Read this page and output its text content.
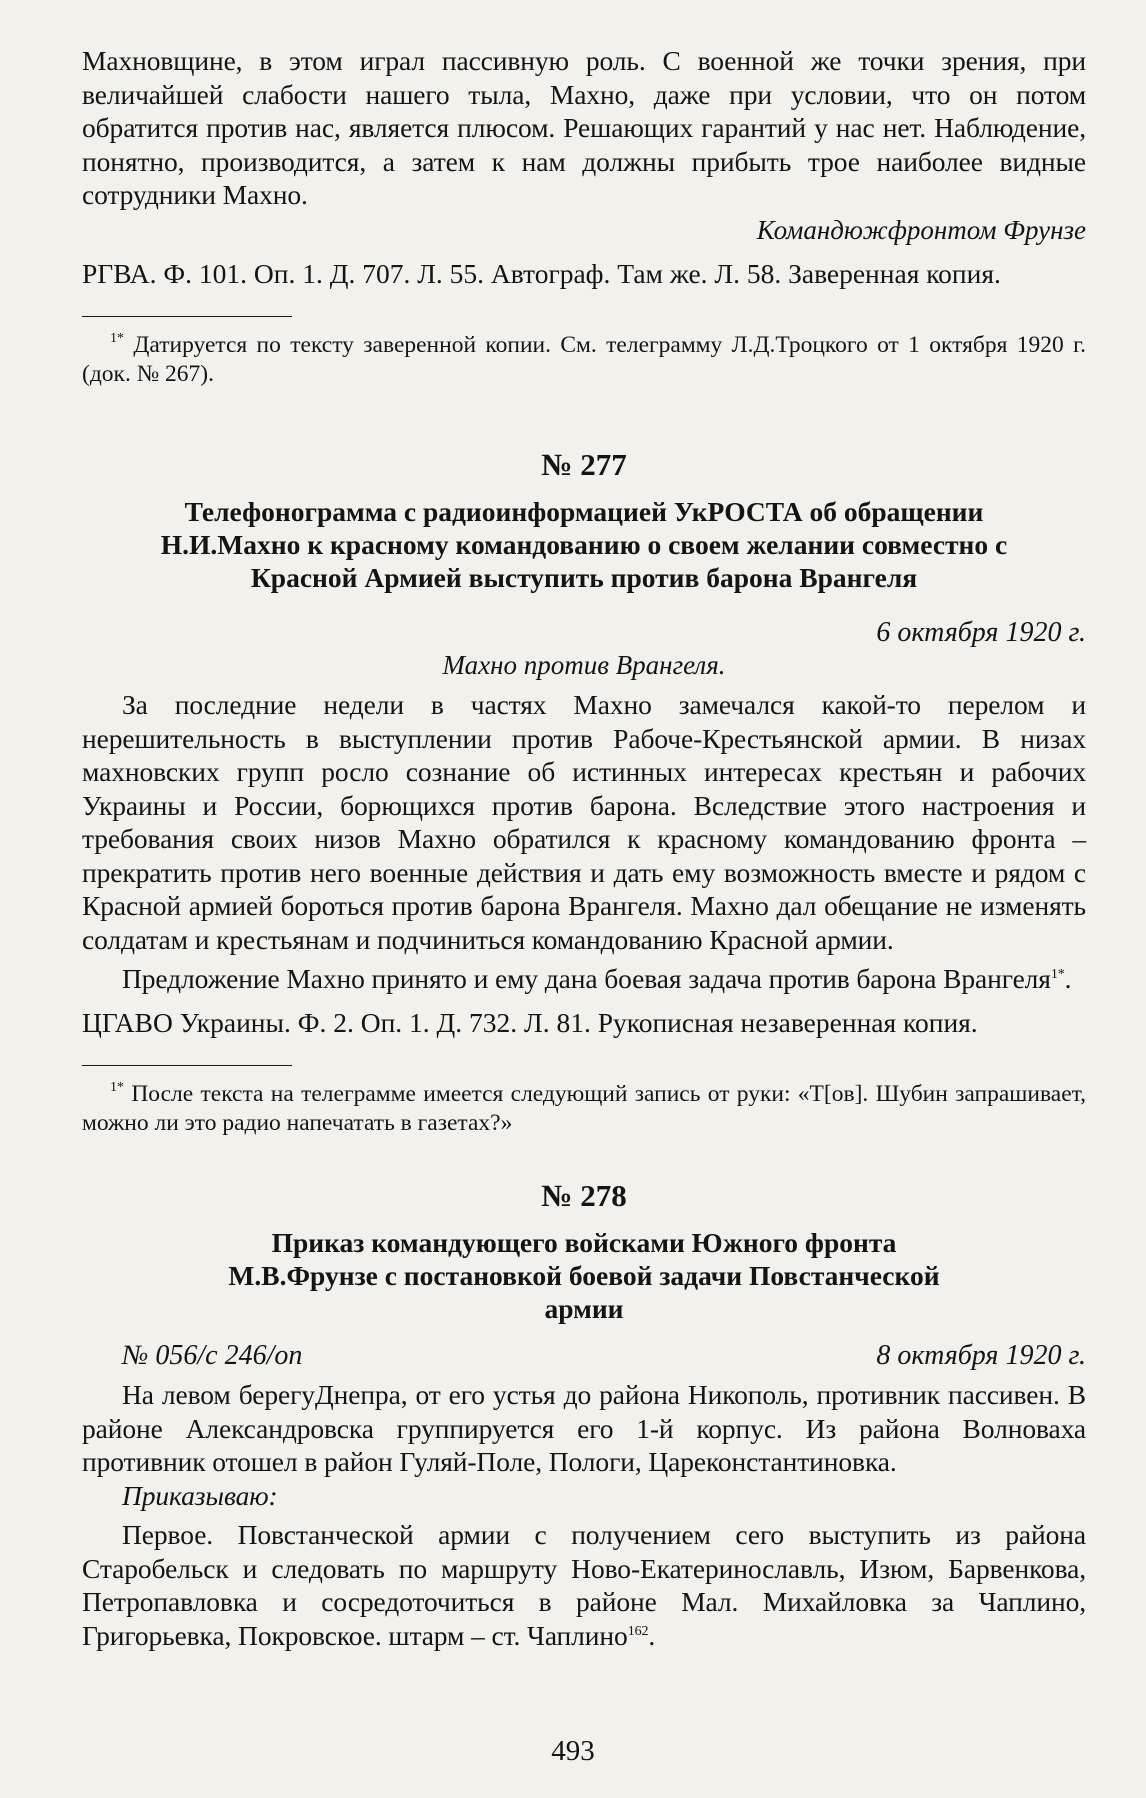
Махновщине, в этом играл пассивную роль. С военной же точки зрения, при величайшей слабости нашего тыла, Махно, даже при условии, что он потом обратится против нас, является плюсом. Решающих гарантий у нас нет. Наблюдение, понятно, производится, а затем к нам должны прибыть трое наиболее видные сотрудники Махно.

Командюжфронтом Фрунзе

РГВА. Ф. 101. Оп. 1. Д. 707. Л. 55. Автограф. Там же. Л. 58. Заверенная копия.

$^{1*}$ Датируется по тексту заверенной копии. См. телеграмму Л.Д.Троцкого от 1 октября 1920 г. (док. № 267).

№ 277

Телефонограмма с радиоинформацией УкРОСТА об обращении Н.И.Махно к красному командованию о своем желании совместно с Красной Армией выступить против барона Врангеля

6 октября 1920 г.

Махно против Врангеля.

За последние недели в частях Махно замечался какой-то перелом и нерешительность в выступлении против Рабоче-Крестьянской армии. В низах махновских групп росло сознание об истинных интересах крестьян и рабочих Украины и России, борющихся против барона. Вследствие этого настроения и требования своих низов Махно обратился к красному командованию фронта – прекратить против него военные действия и дать ему возможность вместе и рядом с Красной армией бороться против барона Врангеля. Махно дал обещание не изменять солдатам и крестьянам и подчиниться командованию Красной армии.

Предложение Махно принято и ему дана боевая задача против барона Врангеля$^{1*}$.

ЦГАВО Украины. Ф. 2. Оп. 1. Д. 732. Л. 81. Рукописная незаверенная копия.

$^{1*}$ После текста на телеграмме имеется следующий запись от руки: «Т[ов]. Шубин запрашивает, можно ли это радио напечатать в газетах?»

№ 278

Приказ командующего войсками Южного фронта М.В.Фрунзе с постановкой боевой задачи Повстанческой армии

№ 056/с 246/оп	8 октября 1920 г.

На левом берегуДнепра, от его устья до района Никополь, противник пассивен. В районе Александровска группируется его 1-й корпус. Из района Волноваха противник отошел в район Гуляй-Поле, Пологи, Цареконстантиновка.

Приказываю:

Первое. Повстанческой армии с получением сего выступить из района Старобельск и следовать по маршруту Ново-Екатеринославль, Изюм, Барвенкова, Петропавловка и сосредоточиться в районе Мал. Михайловка за Чаплино, Григорьевка, Покровское. штарм – ст. Чаплино$^{162}$.

493
